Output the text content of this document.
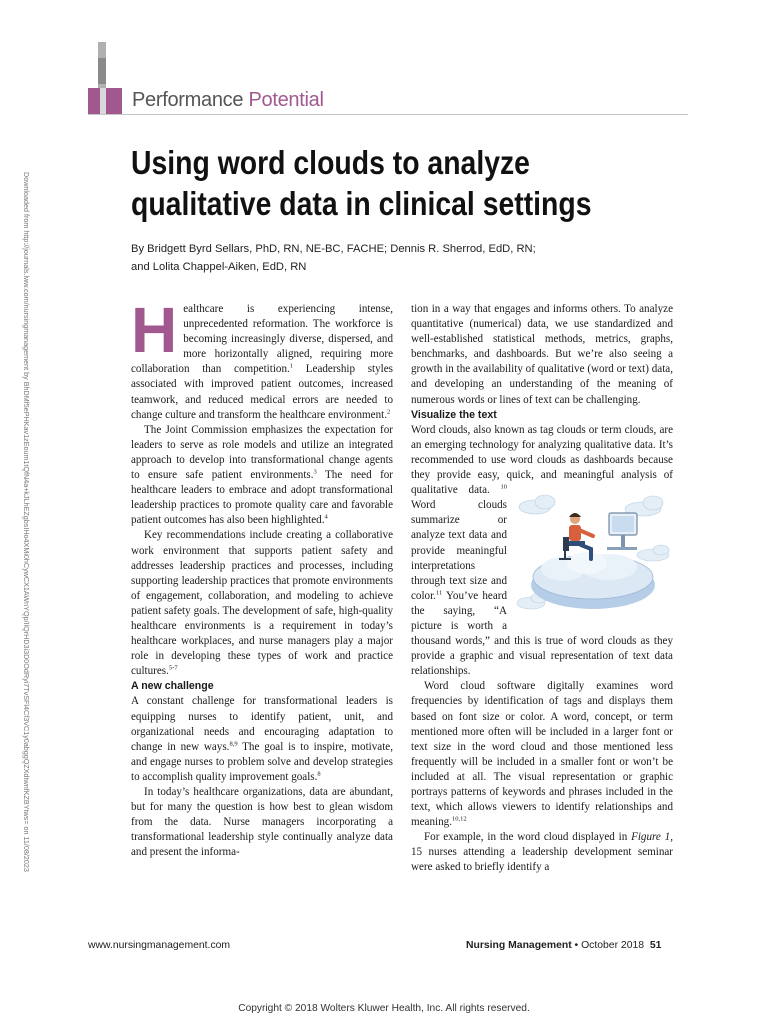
Performance Potential
Using word clouds to analyze
qualitative data in clinical settings
By Bridgett Byrd Sellars, PhD, RN, NE-BC, FACHE; Dennis R. Sherrod, EdD, RN;
and Lolita Chappel-Aiken, EdD, RN
Downloaded from http://journals.lww.com/nursingmanagement by BhDMf5ePHKav1zEoum1tQfN4a+kJLhEZgbsIHo4XMi0hCywCX1AWnYQp/IlQrHD3i3D0OdRyi7TvSFl4Cf3VC1y0abggQZXdtwnfKZBYtws= on 11/08/2023 Healthcare is experiencing intense, unprecedented reformation. The workforce is becoming increasingly diverse, dispersed, and more horizontally aligned, requiring more collaboration than competition.$^1$ Leadership styles associated with improved patient outcomes, increased teamwork, and reduced medical errors are needed to change culture and transform the healthcare environment.$^2$

The Joint Commission emphasizes the expectation for leaders to serve as role models and utilize an integrated approach to develop into transformational change agents to ensure safe patient environments.$^3$ The need for healthcare leaders to embrace and adopt transformational leadership practices to promote quality care and favorable patient outcomes has also been highlighted.$^4$

Key recommendations include creating a collaborative work environment that supports patient safety and addresses leadership practices and processes, including supporting leadership practices that promote environments of engagement, collaboration, and modeling to achieve patient safety goals. The development of safe, high-quality healthcare environments is a requirement in today’s healthcare workplaces, and nurse managers play a major role in developing these types of work and practice cultures.$^{5-7}$

A new challenge

A constant challenge for transformational leaders is equipping nurses to identify patient, unit, and organizational needs and encouraging adaptation to change in new ways.$^{8,9}$ The goal is to inspire, motivate, and engage nurses to problem solve and develop strategies to accomplish quality improvement goals.$^8$

In today’s healthcare organizations, data are abundant, but for many the question is how best to glean wisdom from the data. Nurse managers incorporating a transformational leadership style continually analyze data and present the informa-

tion in a way that engages and informs others. To analyze quantitative (numerical) data, we use standardized and well-established statistical methods, metrics, graphs, benchmarks, and dashboards. But we’re also seeing a growth in the availability of qualitative (word or text) data, and developing an understanding of the meaning of numerous words or lines of text can be challenging.

Visualize the text

Word clouds, also known as tag clouds or term clouds, are an emerging technology for analyzing qualitative data. It’s recommended to use word clouds as dashboards because they provide easy, quick, and meaningful analysis of qualitative data. $^{10}$ Word clouds summarize or analyze text data and provide meaningful interpretations through text size and color.$^{11}$ You’ve heard the saying, “A picture is worth a thousand words,” and this is true of word clouds as they provide a graphic and visual representation of text data relationships.

Word cloud software digitally examines word frequencies by identification of tags and displays them based on font size or color. A word, concept, or term mentioned more often will be included in a larger font or text size in the word cloud and those mentioned less frequently will be included in a smaller font or won’t be included at all. The visual representation or graphic portrays patterns of keywords and phrases included in the text, which allows viewers to identify relationships and meaning.$^{10,12}$

For example, in the word cloud displayed in Figure 1, 15 nurses attending a leadership development seminar were asked to briefly identify a

www.nursingmanagement.com	Nursing Management • October 2018 51
Copyright © 2018 Wolters Kluwer Health, Inc. All rights reserved.
